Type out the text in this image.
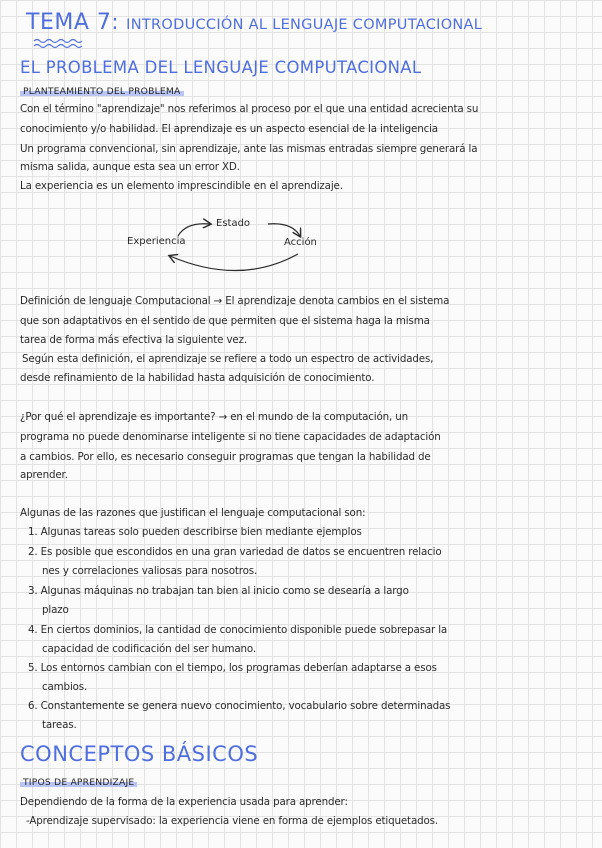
TEMA 7: INTRODUCCIÓN AL LENGUAJE COMPUTACIONAL
EL PROBLEMA DEL LENGUAJE COMPUTACIONAL
PLANTEAMIENTO DEL PROBLEMA
Con el término "aprendizaje" nos referimos al proceso por el que una entidad acrecienta su
conocimiento y/o habilidad. El aprendizaje es un aspecto esencial de la inteligencia
Un programa convencional, sin aprendizaje, ante las mismas entradas siempre generará la
misma salida, aunque esta sea un error XD.
La experiencia es un elemento imprescindible en el aprendizaje.
Estado
Experiencia	Acción
Definición de lenguaje Computacional → El aprendizaje denota cambios en el sistema
que son adaptativos en el sentido de que permiten que el sistema haga la misma
tarea de forma más efectiva la siguiente vez.
Según esta definición, el aprendizaje se refiere a todo un espectro de actividades,
desde refinamiento de la habilidad hasta adquisición de conocimiento.
¿Por qué el aprendizaje es importante? → en el mundo de la computación, un
programa no puede denominarse inteligente si no tiene capacidades de adaptación
a cambios. Por ello, es necesario conseguir programas que tengan la habilidad de
aprender.
Algunas de las razones que justifican el lenguaje computacional son:
1. Algunas tareas solo pueden describirse bien mediante ejemplos
2. Es posible que escondidos en una gran variedad de datos se encuentren relacio
nes y correlaciones valiosas para nosotros.
3. Algunas máquinas no trabajan tan bien al inicio como se desearía a largo
plazo
4. En ciertos dominios, la cantidad de conocimiento disponible puede sobrepasar la
capacidad de codificación del ser humano.
5. Los entornos cambian con el tiempo, los programas deberían adaptarse a esos
cambios.
6. Constantemente se genera nuevo conocimiento, vocabulario sobre determinadas
tareas.
CONCEPTOS BÁSICOS
TIPOS DE APRENDIZAJE
Dependiendo de la forma de la experiencia usada para aprender:
-Aprendizaje supervisado: la experiencia viene en forma de ejemplos etiquetados.
